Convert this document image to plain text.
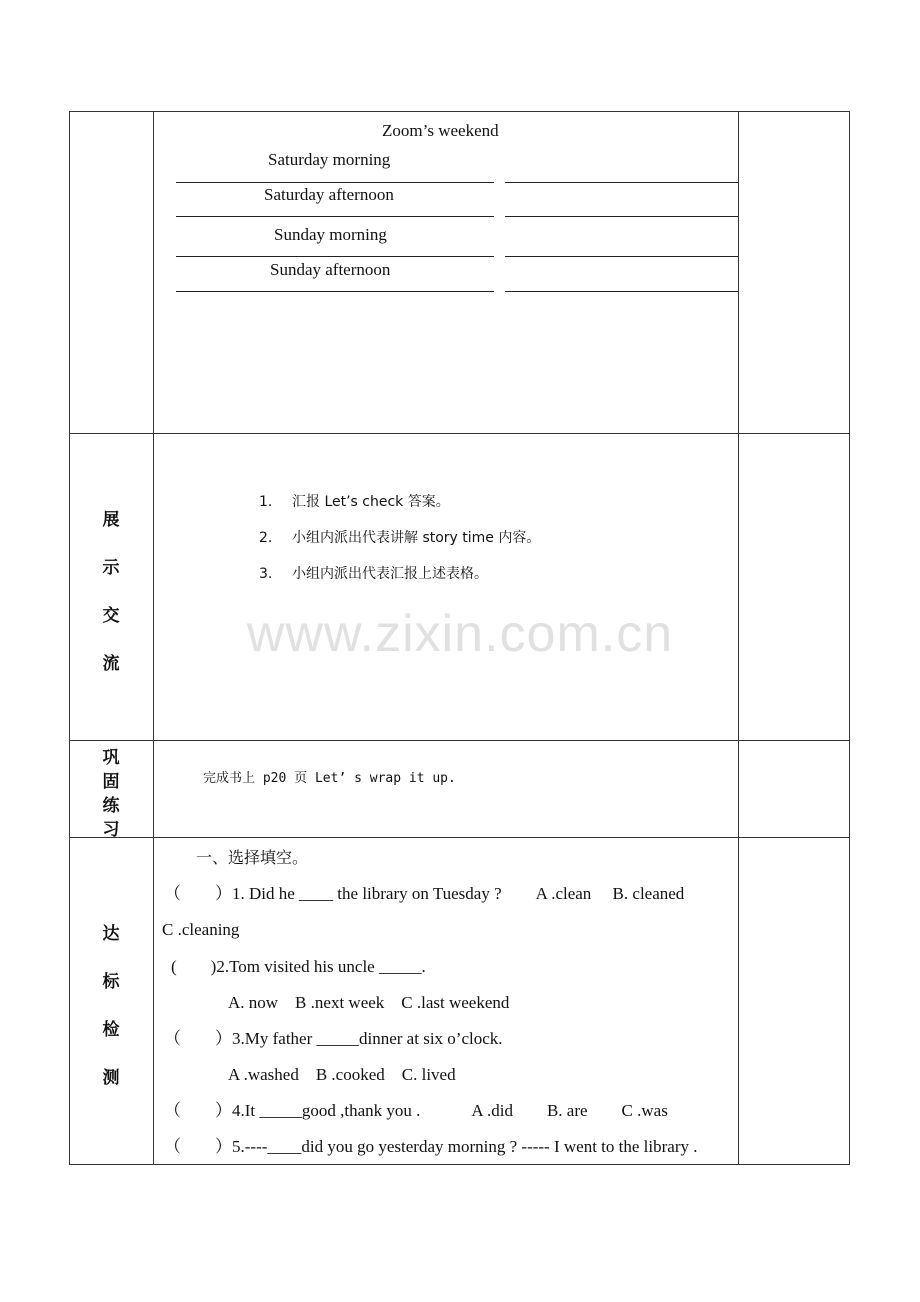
Zoom’s weekend
Saturday morning
Saturday afternoon
Sunday morning
Sunday afternoon
展
示
交
流
1. 汇报 Let’s check 答案。
2. 小组内派出代表讲解 story time 内容。
3. 小组内派出代表汇报上述表格。
www.zixin.com.cn
巩
固
练
习
完成书上 p20 页 Let’ s wrap it up.
达
标
检
测
一、选择填空。
（　　）1. Did he ____ the library on Tuesday ?　　A .clean　 B. cleaned
C .cleaning
(　　)2.Tom visited his uncle _____.
A. now　B .next week　C .last weekend
（　　）3.My father _____dinner at six o’clock.
A .washed　B .cooked　C. lived
（　　）4.It _____good ,thank you .　　　A .did　　B. are　　C .was
（　　）5.----____did you go yesterday morning ? ----- I went to the library .
